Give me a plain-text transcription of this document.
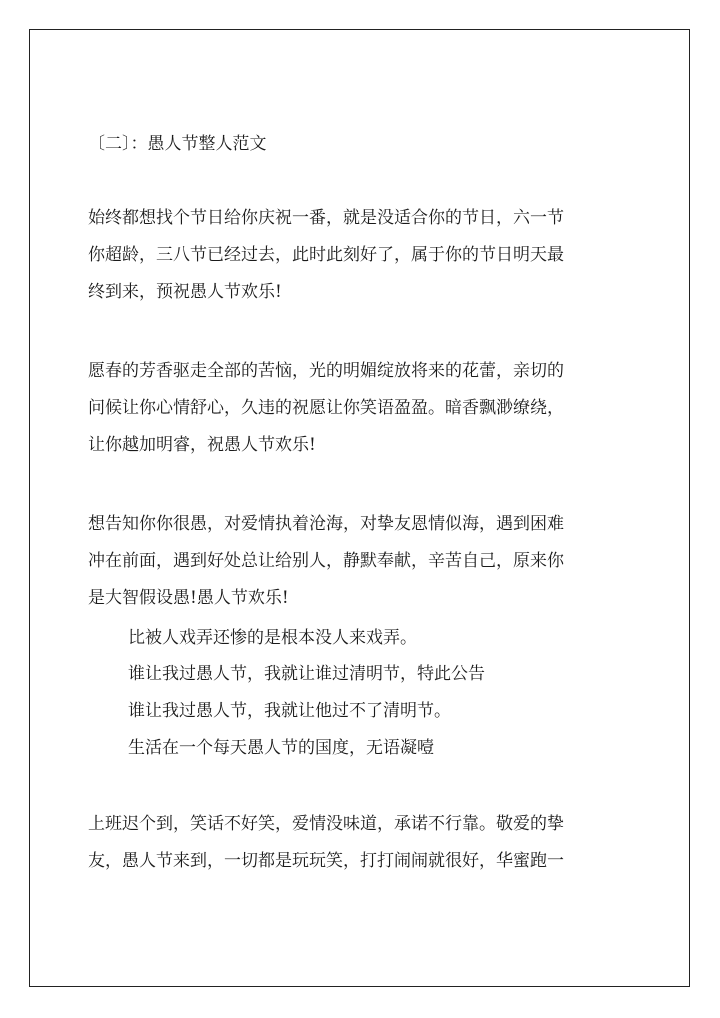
〔二〕：愚人节整人范文
始终都想找个节日给你庆祝一番，就是没适合你的节日，六一节
你超龄，三八节已经过去，此时此刻好了，属于你的节日明天最
终到来，预祝愚人节欢乐!
愿春的芳香驱走全部的苦恼，光的明媚绽放将来的花蕾，亲切的
问候让你心情舒心，久违的祝愿让你笑语盈盈。暗香飘渺缭绕，
让你越加明睿，祝愚人节欢乐!
想告知你你很愚，对爱情执着沧海，对挚友恩情似海，遇到困难
冲在前面，遇到好处总让给别人，静默奉献，辛苦自己，原来你
是大智假设愚!愚人节欢乐!
比被人戏弄还惨的是根本没人来戏弄。
谁让我过愚人节，我就让谁过清明节，特此公告
谁让我过愚人节，我就让他过不了清明节。
生活在一个每天愚人节的国度，无语凝噎
上班迟个到，笑话不好笑，爱情没味道，承诺不行靠。敬爱的挚
友，愚人节来到，一切都是玩玩笑，打打闹闹就很好，华蜜跑一
